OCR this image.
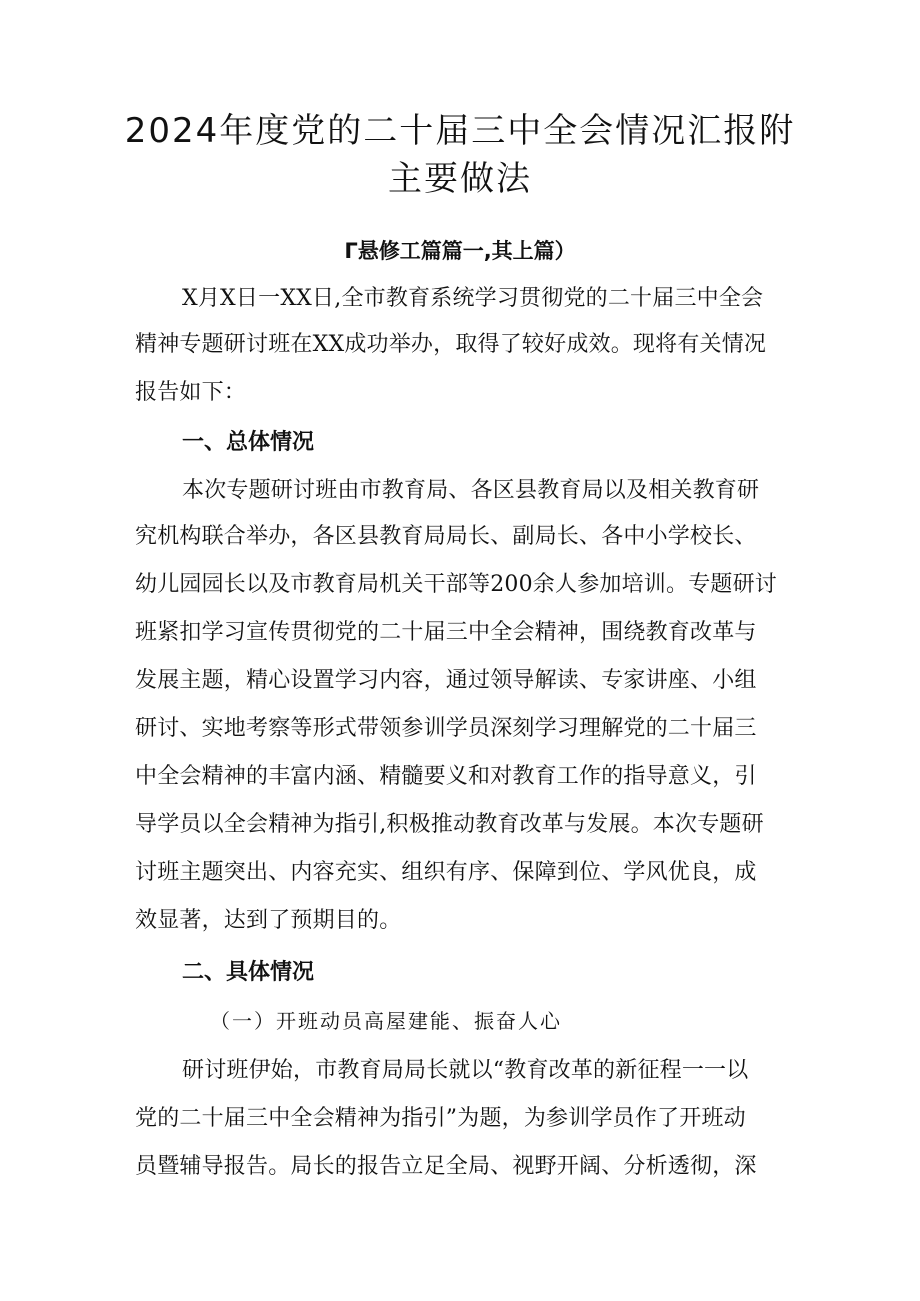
2024年度党的二十届三中全会情况汇报附
主要做法
Γ悬修工篇篇一,其上篇）
X月X日一XX日,全市教育系统学习贯彻党的二十届三中全会
精神专题研讨班在XX成功举办，取得了较好成效。现将有关情况
报告如下：
一、总体情况
本次专题研讨班由市教育局、各区县教育局以及相关教育研
究机构联合举办，各区县教育局局长、副局长、各中小学校长、
幼儿园园长以及市教育局机关干部等200余人参加培训。专题研讨
班紧扣学习宣传贯彻党的二十届三中全会精神，围绕教育改革与
发展主题，精心设置学习内容，通过领导解读、专家讲座、小组
研讨、实地考察等形式带领参训学员深刻学习理解党的二十届三
中全会精神的丰富内涵、精髓要义和对教育工作的指导意义，引
导学员以全会精神为指引,积极推动教育改革与发展。本次专题研
讨班主题突出、内容充实、组织有序、保障到位、学风优良，成
效显著，达到了预期目的。
二、具体情况
（一）开班动员高屋建能、振奋人心
研讨班伊始，市教育局局长就以“教育改革的新征程一一以
党的二十届三中全会精神为指引”为题，为参训学员作了开班动
员暨辅导报告。局长的报告立足全局、视野开阔、分析透彻，深
